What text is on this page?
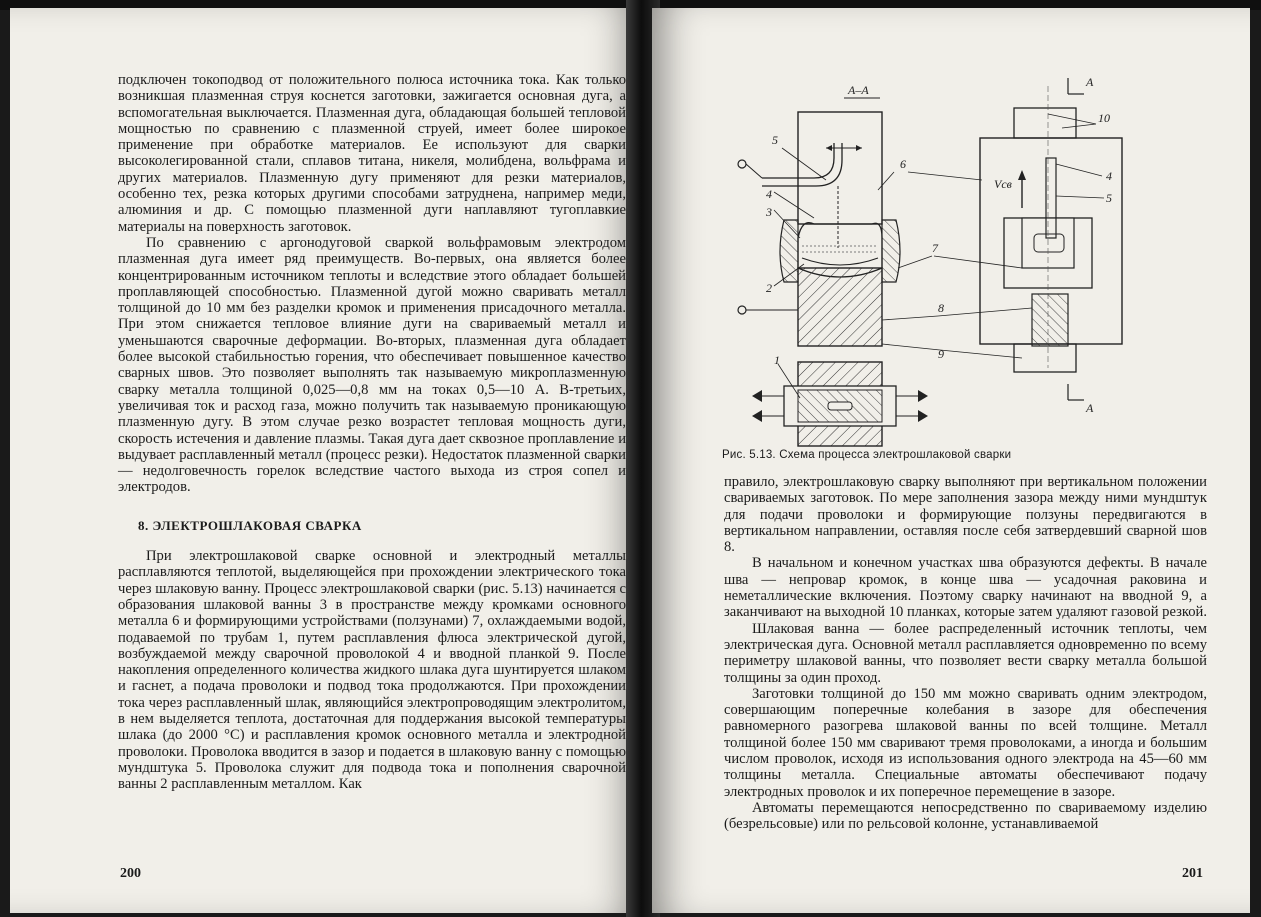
подключен токоподвод от положительного полюса источника тока. Как только возникшая плазменная струя коснется заготовки, зажигается основная дуга, а вспомогательная выключается. Плазменная дуга, обладающая большей тепловой мощностью по сравнению с плазменной струей, имеет более широкое применение при обработке материалов. Ее используют для сварки высоколегированной стали, сплавов титана, никеля, молибдена, вольфрама и других материалов. Плазменную дугу применяют для резки материалов, особенно тех, резка которых другими способами затруднена, например меди, алюминия и др. С помощью плазменной дуги наплавляют тугоплавкие материалы на поверхность заготовок.

По сравнению с аргонодуговой сваркой вольфрамовым электродом плазменная дуга имеет ряд преимуществ. Во-первых, она является более концентрированным источником теплоты и вследствие этого обладает большей проплавляющей способностью. Плазменной дугой можно сваривать металл толщиной до 10 мм без разделки кромок и применения присадочного металла. При этом снижается тепловое влияние дуги на свариваемый металл и уменьшаются сварочные деформации. Во-вторых, плазменная дуга обладает более высокой стабильностью горения, что обеспечивает повышенное качество сварных швов. Это позволяет выполнять так называемую микроплазменную сварку металла толщиной 0,025—0,8 мм на токах 0,5—10 А. В-третьих, увеличивая ток и расход газа, можно получить так называемую проникающую плазменную дугу. В этом случае резко возрастет тепловая мощность дуги, скорость истечения и давление плазмы. Такая дуга дает сквозное проплавление и выдувает расплавленный металл (процесс резки). Недостаток плазменной сварки — недолговечность горелок вследствие частого выхода из строя сопел и электродов.

8. ЭЛЕКТРОШЛАКОВАЯ СВАРКА

При электрошлаковой сварке основной и электродный металлы расплавляются теплотой, выделяющейся при прохождении электрического тока через шлаковую ванну. Процесс электрошлаковой сварки (рис. 5.13) начинается с образования шлаковой ванны 3 в пространстве между кромками основного металла 6 и формирующими устройствами (ползунами) 7, охлаждаемыми водой, подаваемой по трубам 1, путем расплавления флюса электрической дугой, возбуждаемой между сварочной проволокой 4 и вводной планкой 9. После накопления определенного количества жидкого шлака дуга шунтируется шлаком и гаснет, а подача проволоки и подвод тока продолжаются. При прохождении тока через расплавленный шлак, являющийся электропроводящим электролитом, в нем выделяется теплота, достаточная для поддержания высокой температуры шлака (до 2000 °С) и расплавления кромок основного металла и электродной проволоки. Проволока вводится в зазор и подается в шлаковую ванну с помощью мундштука 5. Проволока служит для подвода тока и пополнения сварочной ванны 2 расплавленным металлом. Как

200
А–А
Vсв
А
А
5
4
3
2
6
7
8
9
1
4
5
10
Рис. 5.13. Схема процесса электрошлаковой сварки

правило, электрошлаковую сварку выполняют при вертикальном положении свариваемых заготовок. По мере заполнения зазора между ними мундштук для подачи проволоки и формирующие ползуны передвигаются в вертикальном направлении, оставляя после себя затвердевший сварной шов 8.

В начальном и конечном участках шва образуются дефекты. В начале шва — непровар кромок, в конце шва — усадочная раковина и неметаллические включения. Поэтому сварку начинают на вводной 9, а заканчивают на выходной 10 планках, которые затем удаляют газовой резкой.

Шлаковая ванна — более распределенный источник теплоты, чем электрическая дуга. Основной металл расплавляется одновременно по всему периметру шлаковой ванны, что позволяет вести сварку металла большой толщины за один проход.

Заготовки толщиной до 150 мм можно сваривать одним электродом, совершающим поперечные колебания в зазоре для обеспечения равномерного разогрева шлаковой ванны по всей толщине. Металл толщиной более 150 мм сваривают тремя проволоками, а иногда и большим числом проволок, исходя из использования одного электрода на 45—60 мм толщины металла. Специальные автоматы обеспечивают подачу электродных проволок и их поперечное перемещение в зазоре.

Автоматы перемещаются непосредственно по свариваемому изделию (безрельсовые) или по рельсовой колонне, устанавливаемой

201
